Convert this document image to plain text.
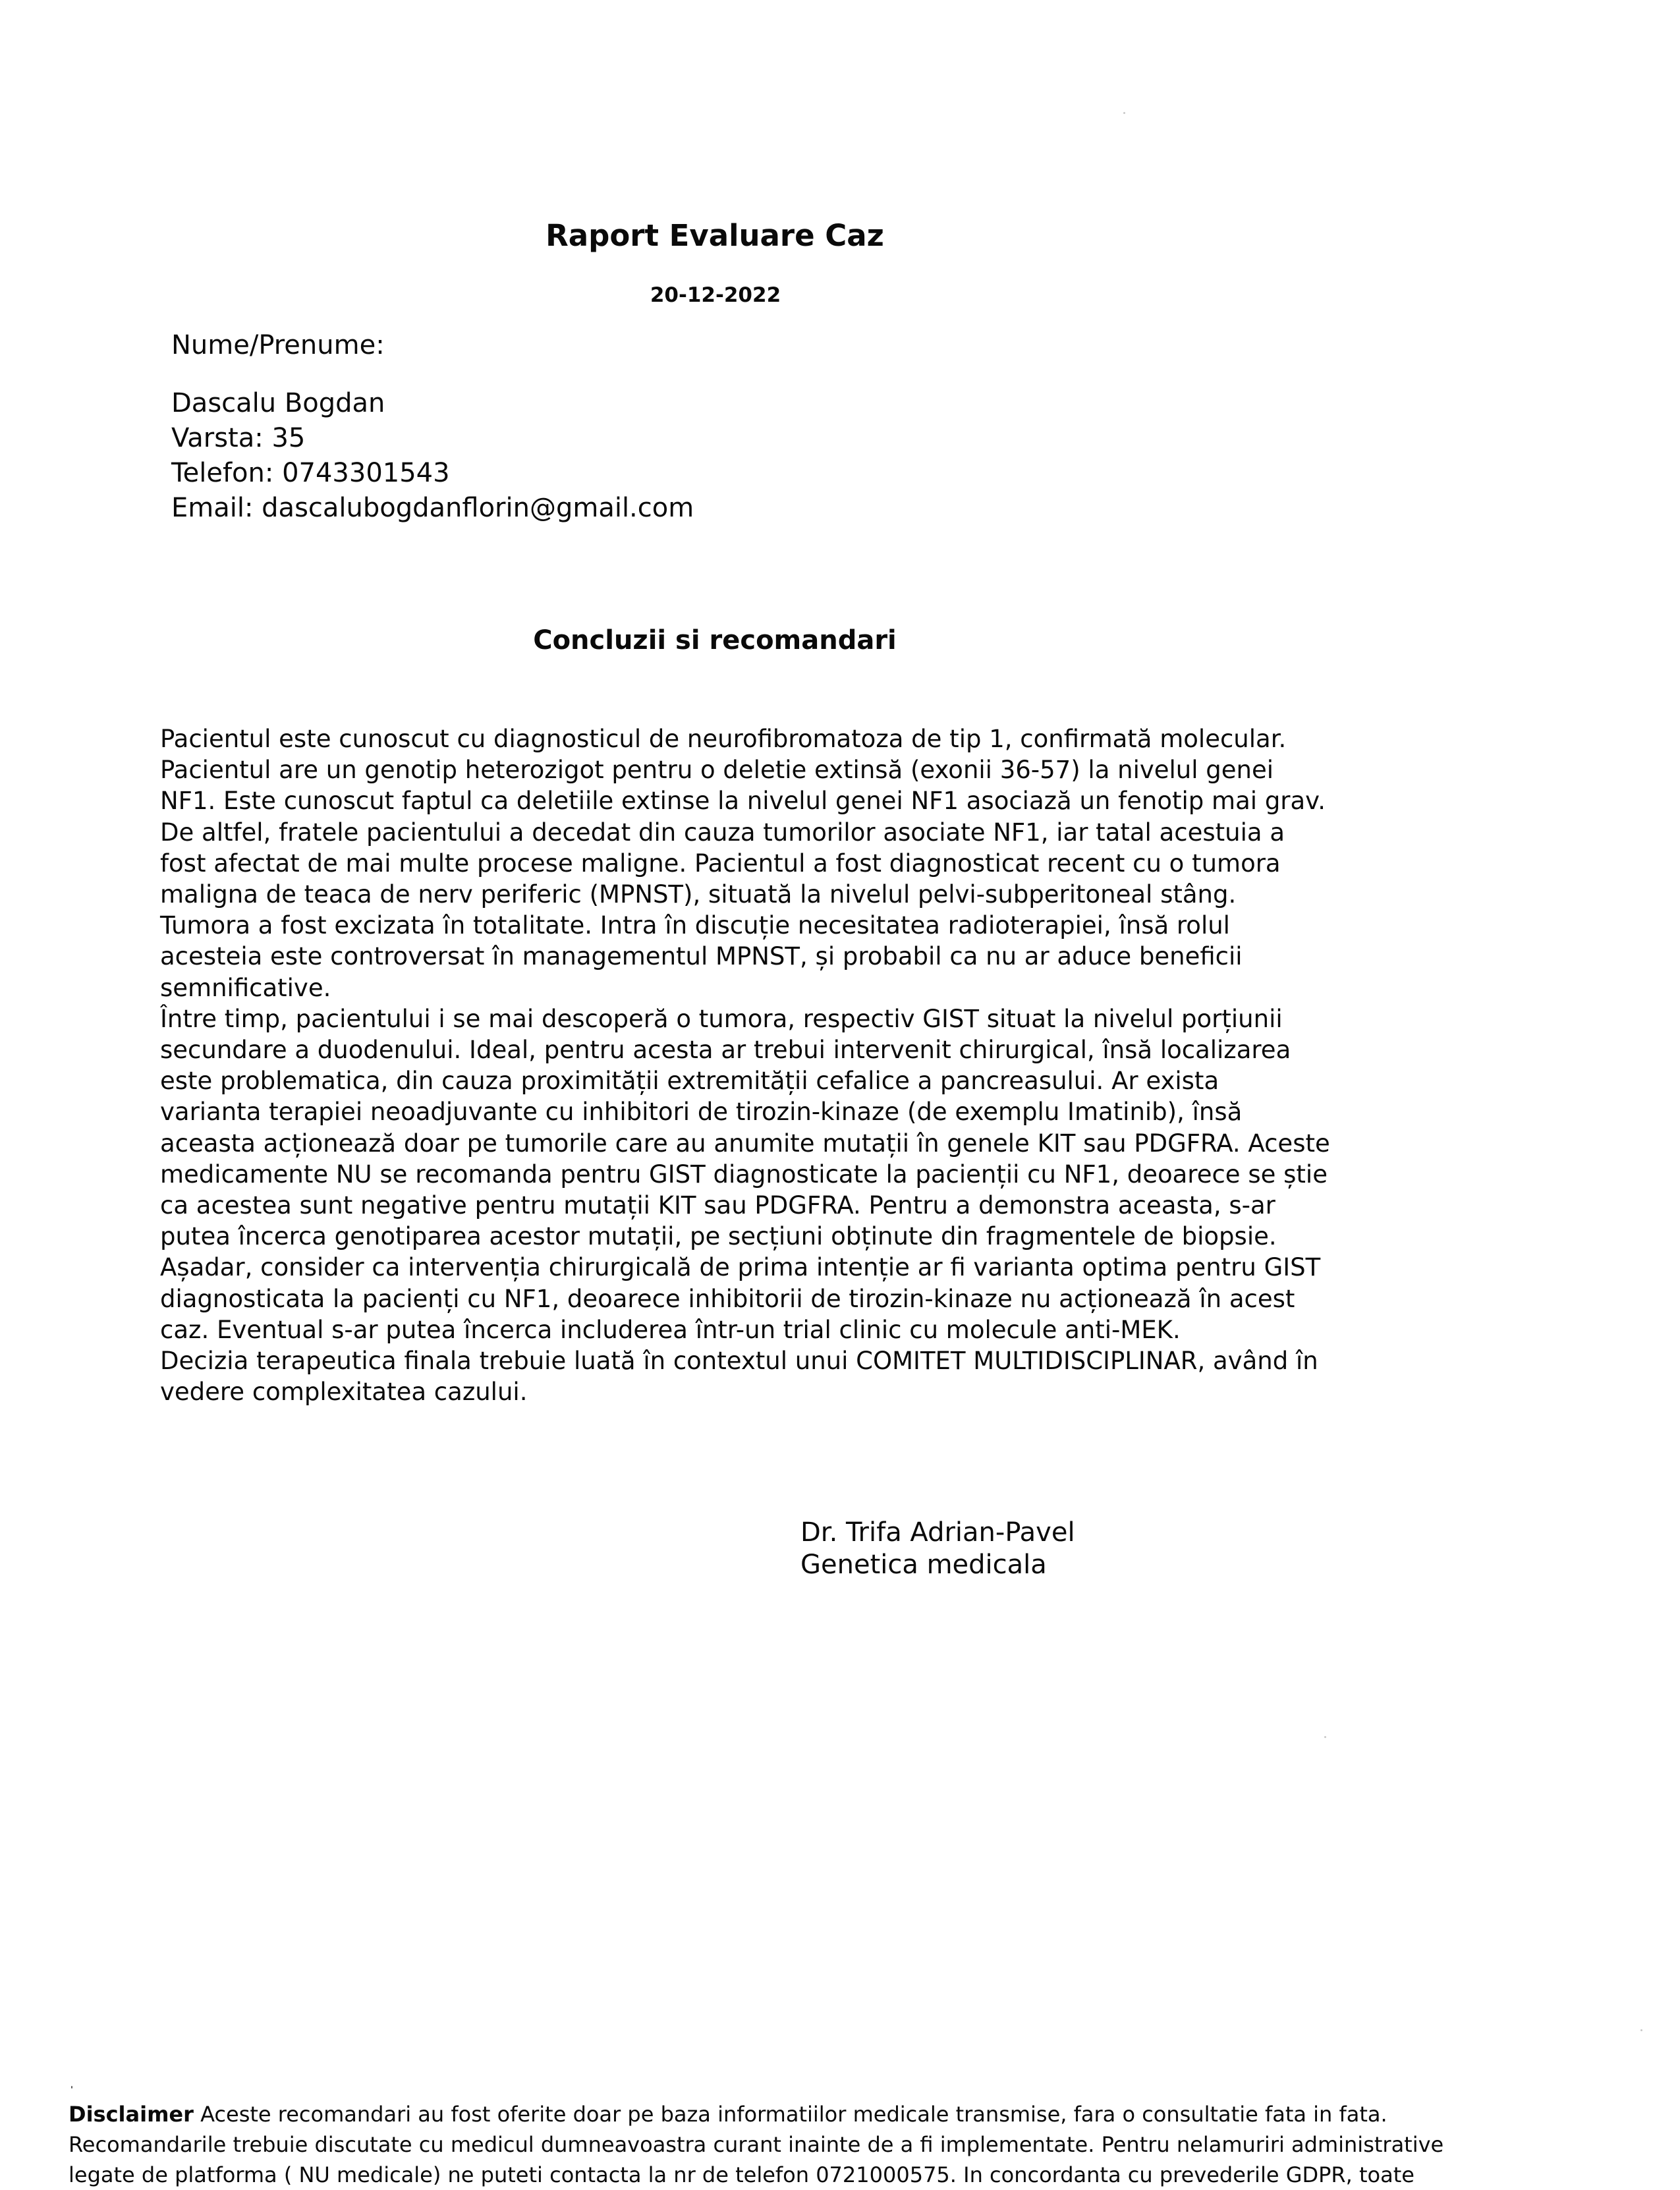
Raport Evaluare Caz
20-12-2022
Nume/Prenume:
Dascalu Bogdan
Varsta: 35
Telefon: 0743301543
Email: dascalubogdanflorin@gmail.com
Concluzii si recomandari
Pacientul este cunoscut cu diagnosticul de neurofibromatoza de tip 1, confirmată molecular.
Pacientul are un genotip heterozigot pentru o deletie extinsă (exonii 36-57) la nivelul genei
NF1. Este cunoscut faptul ca deletiile extinse la nivelul genei NF1 asociază un fenotip mai grav.
De altfel, fratele pacientului a decedat din cauza tumorilor asociate NF1, iar tatal acestuia a
fost afectat de mai multe procese maligne. Pacientul a fost diagnosticat recent cu o tumora
maligna de teaca de nerv periferic (MPNST), situată la nivelul pelvi-subperitoneal stâng.
Tumora a fost excizata în totalitate. Intra în discuție necesitatea radioterapiei, însă rolul
acesteia este controversat în managementul MPNST, și probabil ca nu ar aduce beneficii
semnificative.
Între timp, pacientului i se mai descoperă o tumora, respectiv GIST situat la nivelul porțiunii
secundare a duodenului. Ideal, pentru acesta ar trebui intervenit chirurgical, însă localizarea
este problematica, din cauza proximității extremității cefalice a pancreasului. Ar exista
varianta terapiei neoadjuvante cu inhibitori de tirozin-kinaze (de exemplu Imatinib), însă
aceasta acționează doar pe tumorile care au anumite mutații în genele KIT sau PDGFRA. Aceste
medicamente NU se recomanda pentru GIST diagnosticate la pacienții cu NF1, deoarece se știe
ca acestea sunt negative pentru mutații KIT sau PDGFRA. Pentru a demonstra aceasta, s-ar
putea încerca genotiparea acestor mutații, pe secțiuni obținute din fragmentele de biopsie.
Așadar, consider ca intervenția chirurgicală de prima intenție ar fi varianta optima pentru GIST
diagnosticata la pacienți cu NF1, deoarece inhibitorii de tirozin-kinaze nu acționează în acest
caz. Eventual s-ar putea încerca includerea într-un trial clinic cu molecule anti-MEK.
Decizia terapeutica finala trebuie luată în contextul unui COMITET MULTIDISCIPLINAR, având în
vedere complexitatea cazului.
Dr. Trifa Adrian-Pavel
Genetica medicala
Disclaimer Aceste recomandari au fost oferite doar pe baza informatiilor medicale transmise, fara o consultatie fata in fata.
Recomandarile trebuie discutate cu medicul dumneavoastra curant inainte de a fi implementate. Pentru nelamuriri administrative
legate de platforma ( NU medicale) ne puteti contacta la nr de telefon 0721000575. In concordanta cu prevederile GDPR, toate
